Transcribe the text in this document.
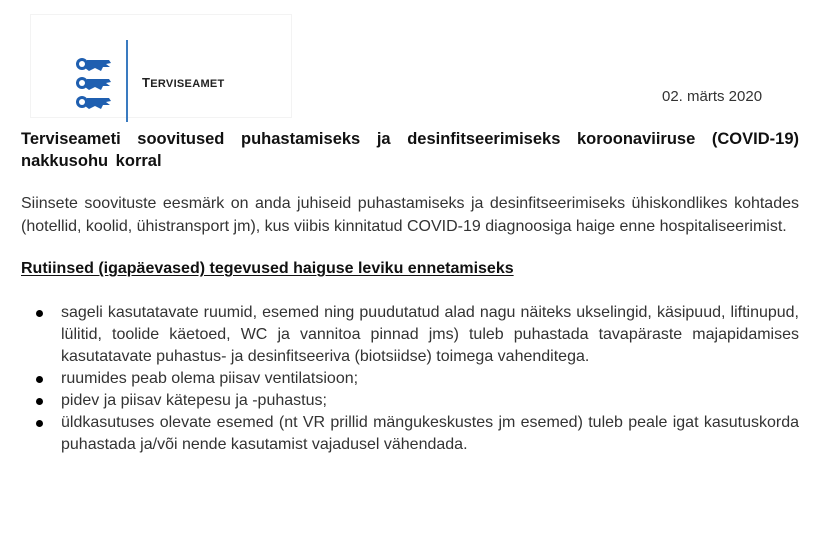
TERVISEAMET
02. märts 2020
Terviseameti soovitused puhastamiseks ja desinfitseerimiseks koroonaviiruse (COVID-19) nakkusohu korral

Siinsete soovituste eesmärk on anda juhiseid puhastamiseks ja desinfitseerimiseks ühiskondlikes kohtades (hotellid, koolid, ühistransport jm), kus viibis kinnitatud COVID-19 diagnoosiga haige enne hospitaliseerimist.

Rutiinsed (igapäevased) tegevused haiguse leviku ennetamiseks
sageli kasutatavate ruumid, esemed ning puudutatud alad nagu näiteks ukselingid, käsipuud, liftinupud, lülitid, toolide käetoed, WC ja vannitoa pinnad jms) tuleb puhastada tavapäraste majapidamises kasutatavate puhastus- ja desinfitseeriva (biotsiidse) toimega vahenditega.
ruumides peab olema piisav ventilatsioon;
pidev ja piisav kätepesu ja -puhastus;
üldkasutuses olevate esemed (nt VR prillid mängukeskustes jm esemed) tuleb peale igat kasutuskorda puhastada ja/või nende kasutamist vajadusel vähendada.
